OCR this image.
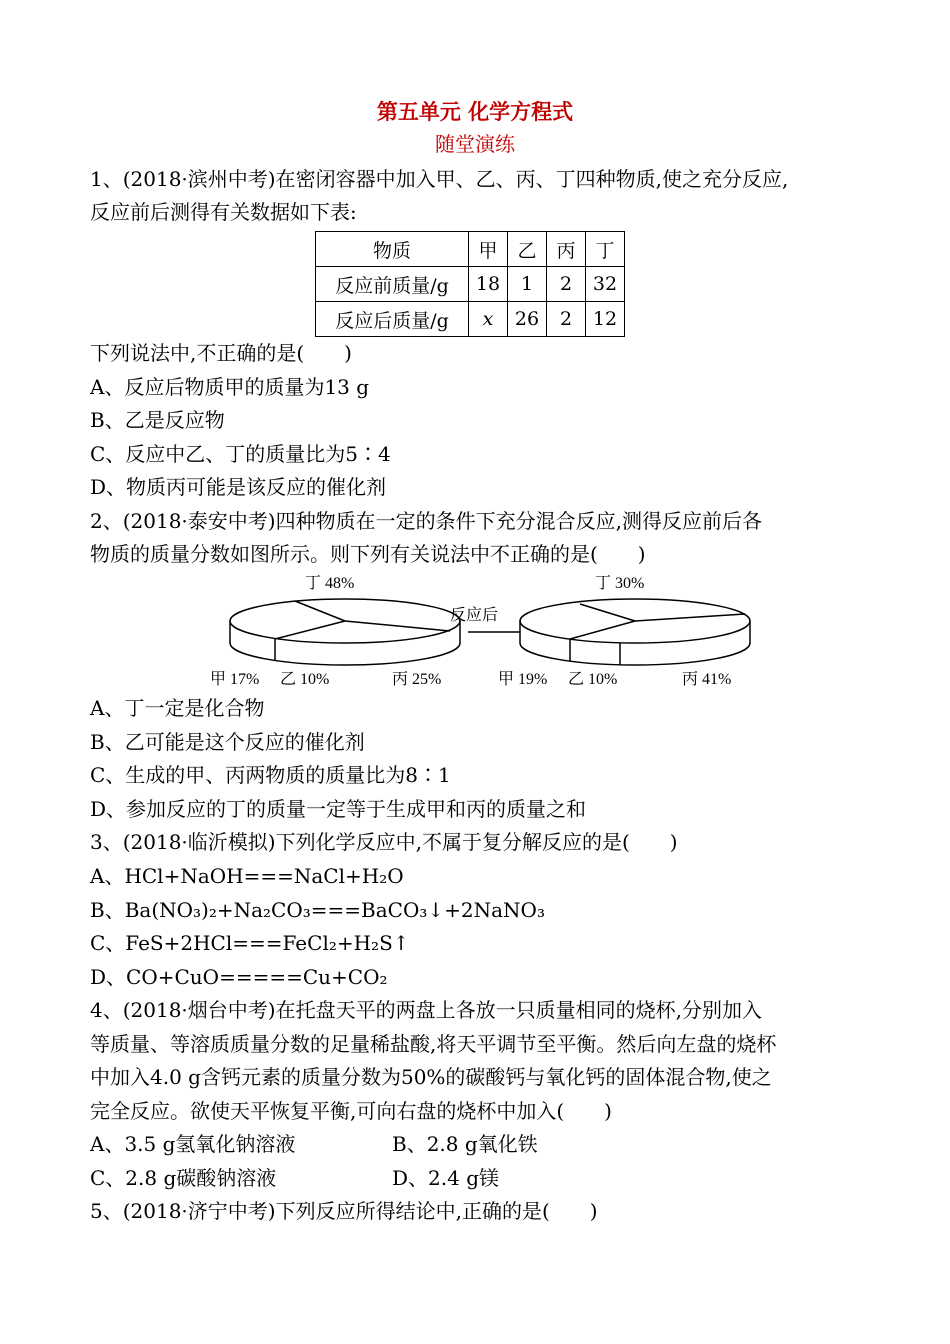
第五单元 化学方程式
随堂演练
1、(2018·滨州中考)在密闭容器中加入甲、乙、丙、丁四种物质,使之充分反应,
反应前后测得有关数据如下表:
物质	甲	乙	丙	丁
反应前质量/g	18	1	2	32
反应后质量/g	x	26	2	12
下列说法中,不正确的是(　　)
A、反应后物质甲的质量为13 g
B、乙是反应物
C、反应中乙、丁的质量比为5∶4
D、物质丙可能是该反应的催化剂
2、(2018·泰安中考)四种物质在一定的条件下充分混合反应,测得反应前后各
物质的质量分数如图所示。则下列有关说法中不正确的是(　　)
丁 48%
甲 17% 乙 10%	丙 25%
反应后
丁 30%
甲 19% 乙 10%	丙 41%
A、丁一定是化合物
B、乙可能是这个反应的催化剂
C、生成的甲、丙两物质的质量比为8∶1
D、参加反应的丁的质量一定等于生成甲和丙的质量之和
3、(2018·临沂模拟)下列化学反应中,不属于复分解反应的是(　　)
A、HCl+NaOH===NaCl+H₂O
B、Ba(NO₃)₂+Na₂CO₃===BaCO₃↓+2NaNO₃
C、FeS+2HCl===FeCl₂+H₂S↑
D、CO+CuO=====Cu+CO₂
4、(2018·烟台中考)在托盘天平的两盘上各放一只质量相同的烧杯,分别加入
等质量、等溶质质量分数的足量稀盐酸,将天平调节至平衡。然后向左盘的烧杯
中加入4.0 g含钙元素的质量分数为50%的碳酸钙与氧化钙的固体混合物,使之
完全反应。欲使天平恢复平衡,可向右盘的烧杯中加入(　　)
A、3.5 g氢氧化钠溶液	B、2.8 g氧化铁
C、2.8 g碳酸钠溶液	D、2.4 g镁
5、(2018·济宁中考)下列反应所得结论中,正确的是(　　)
